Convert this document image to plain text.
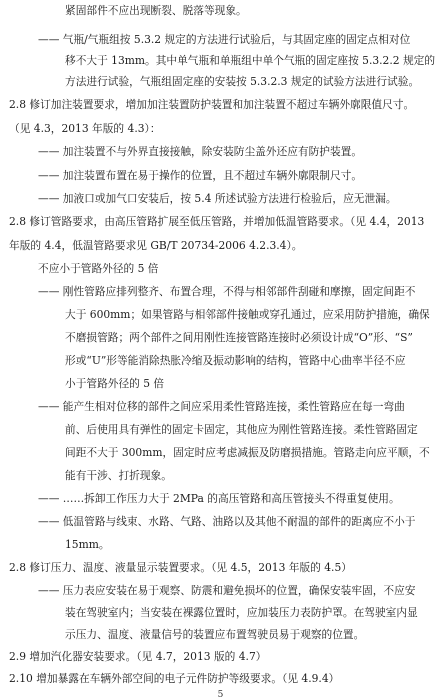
紧固部件不应出现断裂、脱落等现象。
—— 气瓶/气瓶组按 5.3.2 规定的方法进行试验后，与其固定座的固定点相对位
移不大于 13mm。其中单气瓶和单瓶组中单个气瓶的固定座按 5.3.2.2 规定的
方法进行试验，气瓶组固定座的安装按 5.3.2.3 规定的试验方法进行试验。
2.8 修订加注装置要求，增加加注装置防护装置和加注装置不超过车辆外廓限值尺寸。
（见 4.3，2013 年版的 4.3）：
—— 加注装置不与外界直接接触，除安装防尘盖外还应有防护装置。
—— 加注装置布置在易于操作的位置，且不超过车辆外廓限制尺寸。
—— 加液口或加气口安装后，按 5.4 所述试验方法进行检验后，应无泄漏。
2.8 修订管路要求，由高压管路扩展至低压管路，并增加低温管路要求。（见 4.4，2013
年版的 4.4，低温管路要求见 GB/T 20734-2006 4.2.3.4）。
不应小于管路外径的 5 倍
—— 刚性管路应排列整齐、布置合理，不得与相邻部件刮碰和摩擦，固定间距不
大于 600mm；如果管路与相邻部件接触或穿孔通过，应采用防护措施，确保
不磨损管路；两个部件之间用刚性连接管路连接时必须设计成“O”形、“S”
形或“U”形等能消除热胀冷缩及振动影响的结构，管路中心曲率半径不应
小于管路外径的 5 倍
—— 能产生相对位移的部件之间应采用柔性管路连接，柔性管路应在每一弯曲
前、后使用具有弹性的固定卡固定，其他应为刚性管路连接。柔性管路固定
间距不大于 300mm，固定时应考虑减振及防磨损措施。管路走向应平顺，不
能有干涉、打折现象。
—— ……拆卸工作压力大于 2MPa 的高压管路和高压管接头不得重复使用。
—— 低温管路与线束、水路、气路、油路以及其他不耐温的部件的距离应不小于
15mm。
2.8 修订压力、温度、液量显示装置要求。（见 4.5，2013 年版的 4.5）
—— 压力表应安装在易于观察、防震和避免损坏的位置，确保安装牢固，不应安
装在驾驶室内；当安装在裸露位置时，应加装压力表防护罩。在驾驶室内显
示压力、温度、液量信号的装置应布置驾驶员易于观察的位置。
2.9 增加汽化器安装要求。（见 4.7，2013 版的 4.7）
2.10 增加暴露在车辆外部空间的电子元件防护等级要求。（见 4.9.4）
5
